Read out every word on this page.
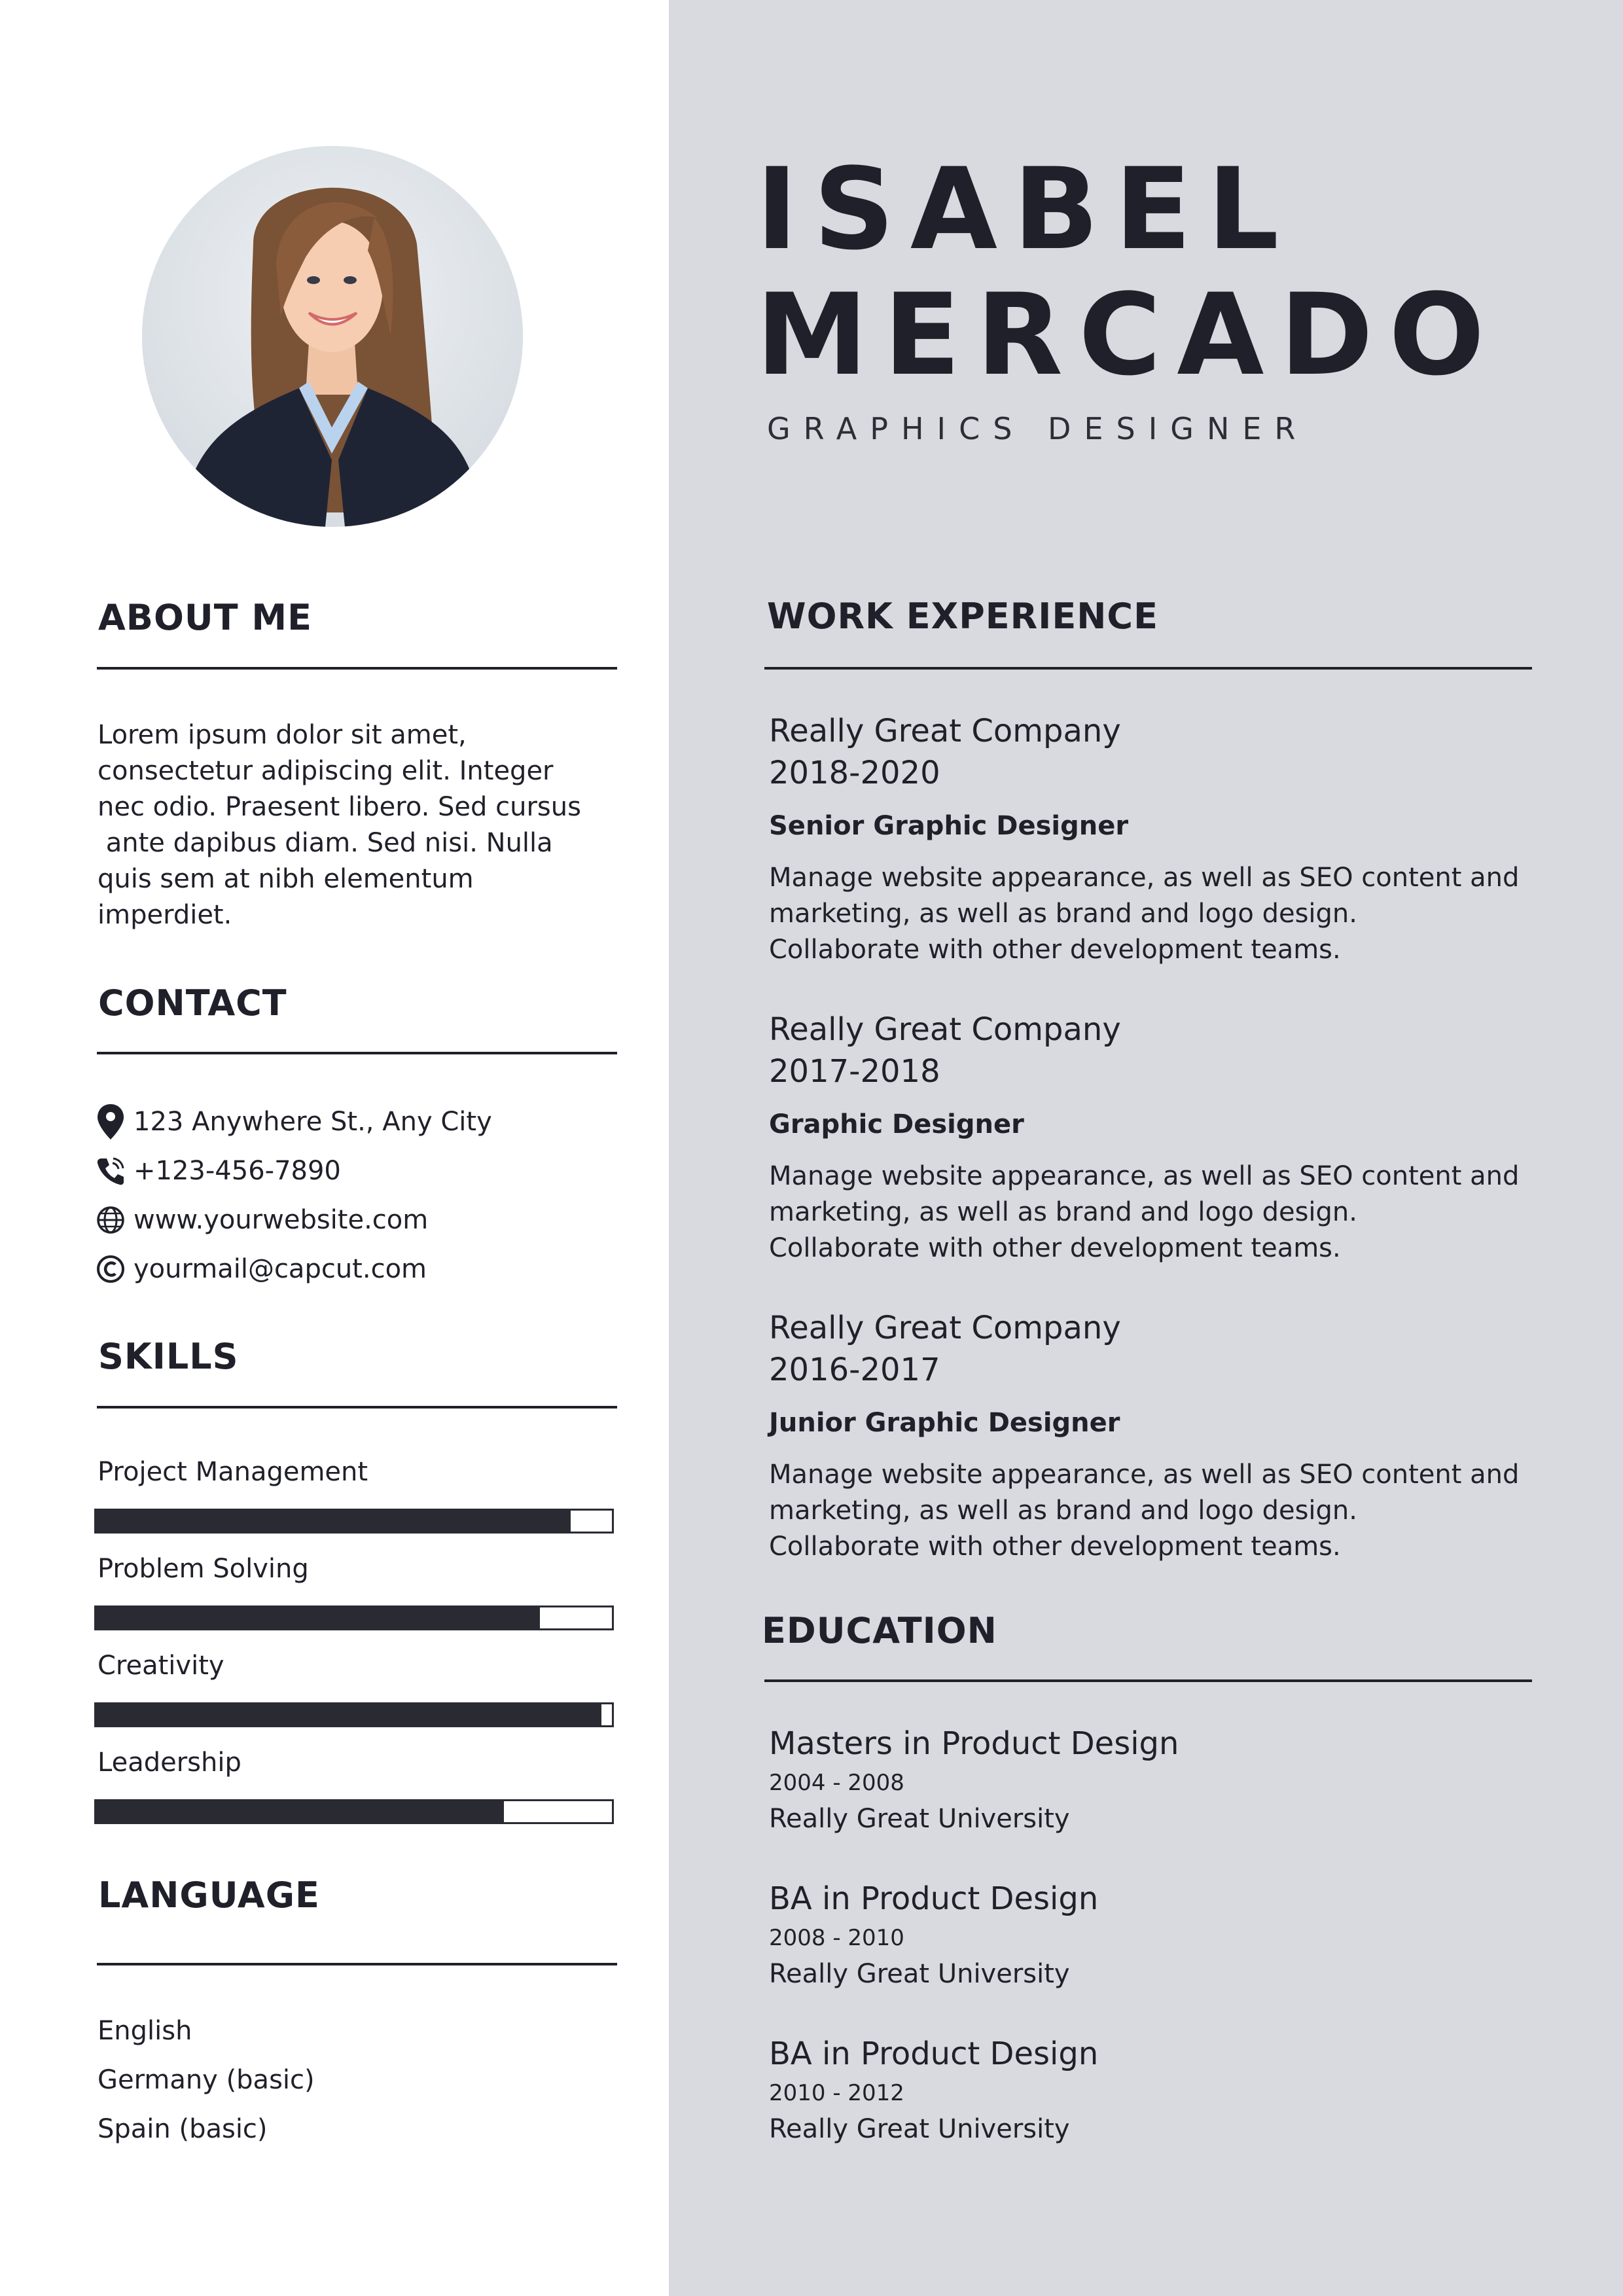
ISABEL
MERCADO
GRAPHICS DESIGNER
ABOUT ME
Lorem ipsum dolor sit amet,
consectetur adipiscing elit. Integer
nec odio. Praesent libero. Sed cursus
ante dapibus diam. Sed nisi. Nulla
quis sem at nibh elementum
imperdiet.
CONTACT
123 Anywhere St., Any City
+123-456-7890
www.yourwebsite.com
yourmail@capcut.com
SKILLS
Project Management
Problem Solving
Creativity
Leadership
LANGUAGE
English
Germany (basic)
Spain (basic)
WORK EXPERIENCE
Really Great Company
2018-2020
Senior Graphic Designer
Manage website appearance, as well as SEO content and
marketing, as well as brand and logo design.
Collaborate with other development teams.
Really Great Company
2017-2018
Graphic Designer
Manage website appearance, as well as SEO content and
marketing, as well as brand and logo design.
Collaborate with other development teams.
Really Great Company
2016-2017
Junior Graphic Designer
Manage website appearance, as well as SEO content and
marketing, as well as brand and logo design.
Collaborate with other development teams.
EDUCATION
Masters in Product Design
2004 - 2008
Really Great University
BA in Product Design
2008 - 2010
Really Great University
BA in Product Design
2010 - 2012
Really Great University
